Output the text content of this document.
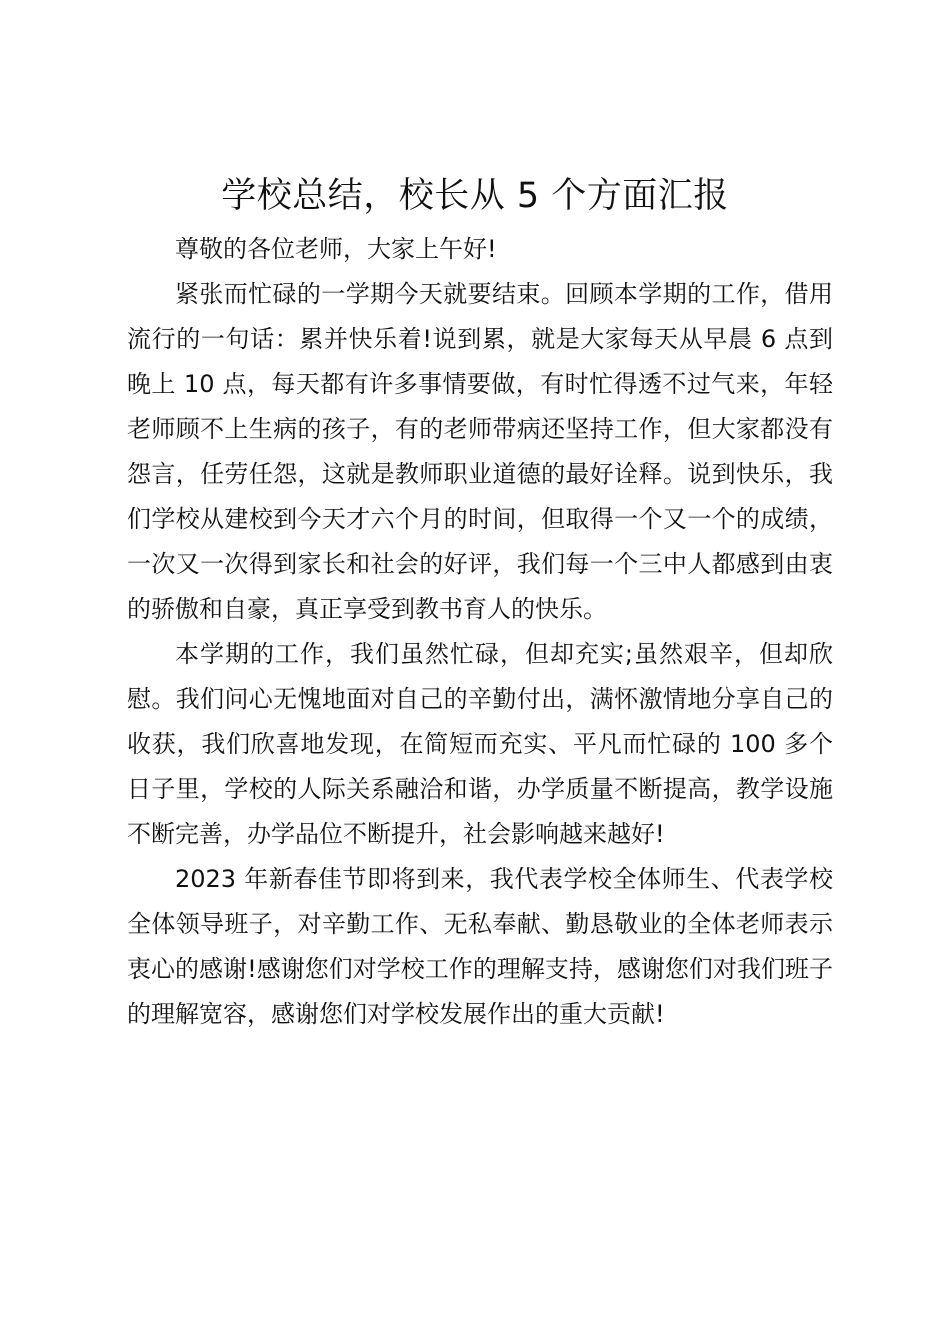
学校总结，校长从 5 个方面汇报

尊敬的各位老师，大家上午好!

紧张而忙碌的一学期今天就要结束。回顾本学期的工作，借用流行的一句话：累并快乐着!说到累，就是大家每天从早晨 6 点到晚上 10 点，每天都有许多事情要做，有时忙得透不过气来，年轻老师顾不上生病的孩子，有的老师带病还坚持工作，但大家都没有怨言，任劳任怨，这就是教师职业道德的最好诠释。说到快乐，我们学校从建校到今天才六个月的时间，但取得一个又一个的成绩，一次又一次得到家长和社会的好评，我们每一个三中人都感到由衷的骄傲和自豪，真正享受到教书育人的快乐。

本学期的工作，我们虽然忙碌，但却充实;虽然艰辛，但却欣慰。我们问心无愧地面对自己的辛勤付出，满怀激情地分享自己的收获，我们欣喜地发现，在简短而充实、平凡而忙碌的 100 多个日子里，学校的人际关系融洽和谐，办学质量不断提高，教学设施不断完善，办学品位不断提升，社会影响越来越好!

2023 年新春佳节即将到来，我代表学校全体师生、代表学校全体领导班子，对辛勤工作、无私奉献、勤恳敬业的全体老师表示衷心的感谢!感谢您们对学校工作的理解支持，感谢您们对我们班子的理解宽容，感谢您们对学校发展作出的重大贡献!
